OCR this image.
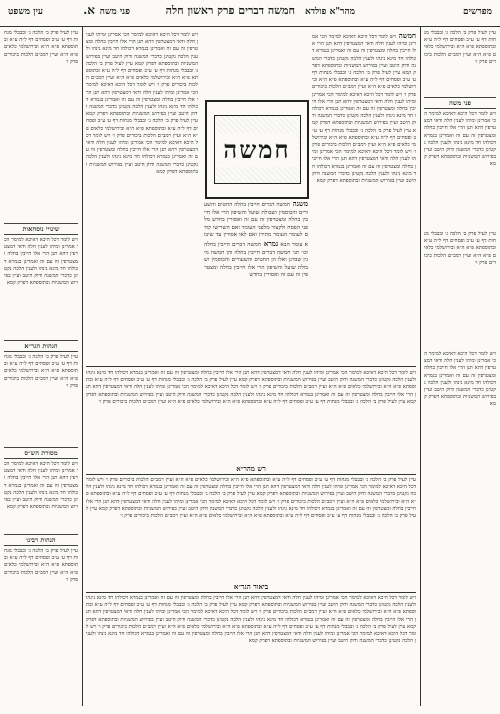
מפרשים
מהר"א פולדא
חמשה דברים פרק ראשון חלה
פני משה
א.
עין משפט
עיין לעיל פרק ב׳ הלכה ג׳ ובבבלי מנחות דף ע׳ ע״ב ופסחים דף ל״ה ע״א ובתוספתא פ״א ה״א ובירושלמי כלאים פ״א ה״א ועיין רמב״ם הלכות ביכורים פרק ו׳
פני משה
ויש לומר דכל היכא דאיכא למימר הכי אמרינן ומיהו לענין חלה ודאי דמצטרפין דהא תנן הרי אלו חייבין בחלה ומצטרפין זה עם זה ואמרינן בגמרא דכולהו חד מינא נינהו ולענין הלכה נקטינן כדברי המשנה ודוק היטב ועיין בפירוש המשניות ובתוספתא דפרק קמא
עיין לעיל פרק ב׳ הלכה ג׳ ובבבלי מנחות דף ע׳ ע״ב ופסחים דף ל״ה ע״א ובתוספתא פ״א ה״א ובירושלמי כלאים פ״א ה״א ועיין רמב״ם הלכות ביכורים פרק ו׳
ויש לומר דכל היכא דאיכא למימר הכי אמרינן ומיהו לענין חלה ודאי דמצטרפין דהא תנן הרי אלו חייבין בחלה ומצטרפין זה עם זה ואמרינן בגמרא דכולהו חד מינא נינהו ולענין הלכה נקטינן כדברי המשנה ודוק היטב ועיין בפירוש המשניות ובתוספתא דפרק קמא
עיין לעיל פרק ב׳ הלכה ג׳ ובבבלי מנחות דף ע׳ ע״ב ופסחים דף ל״ה ע״א ובתוספתא פ״א ה״א ובירושלמי כלאים פ״א ה״א ועיין רמב״ם הלכות ביכורים פרק ו׳
שינויי נוסחאות
ויש לומר דכל היכא דאיכא למימר הכי אמרינן ומיהו לענין חלה ודאי דמצטרפין דהא תנן הרי אלו חייבין בחלה ומצטרפין זה עם זה ואמרינן בגמרא דכולהו חד מינא נינהו ולענין הלכה נקטינן כדברי המשנה ודוק היטב ועיין בפירוש המשניות ובתוספתא דפרק קמא
הגהות הגר״א
עיין לעיל פרק ב׳ הלכה ג׳ ובבבלי מנחות דף ע׳ ע״ב ופסחים דף ל״ה ע״א ובתוספתא פ״א ה״א ובירושלמי כלאים פ״א ה״א ועיין רמב״ם הלכות ביכורים פרק ו׳
מסורת הש״ס
ויש לומר דכל היכא דאיכא למימר הכי אמרינן ומיהו לענין חלה ודאי דמצטרפין דהא תנן הרי אלו חייבין בחלה ומצטרפין זה עם זה ואמרינן בגמרא דכולהו חד מינא נינהו ולענין הלכה נקטינן כדברי המשנה ודוק היטב ועיין בפירוש המשניות ובתוספתא דפרק קמא
הגהות רבינו
עיין לעיל פרק ב׳ הלכה ג׳ ובבבלי מנחות דף ע׳ ע״ב ופסחים דף ל״ה ע״א ובתוספתא פ״א ה״א ובירושלמי כלאים פ״א ה״א ועיין רמב״ם הלכות ביכורים פרק ו׳
חמשה ויש לומר דכל היכא דאיכא למימר הכי אמרינן ומיהו לענין חלה ודאי דמצטרפין דהא תנן הרי אלו חייבין בחלה ומצטרפין זה עם זה ואמרינן בגמרא דכולהו חד מינא נינהו ולענין הלכה נקטינן כדברי המשנה ודוק היטב ועיין בפירוש המשניות ובתוספתא דפרק קמא עיין לעיל פרק ב׳ הלכה ג׳ ובבבלי מנחות דף ע׳ ע״ב ופסחים דף ל״ה ע״א ובתוספתא פ״א ה״א ובירושלמי כלאים פ״א ה״א ועיין רמב״ם הלכות ביכורים פרק ו׳ ויש לומר דכל היכא דאיכא למימר הכי אמרינן ומיהו לענין חלה ודאי דמצטרפין דהא תנן הרי אלו חייבין בחלה ומצטרפין זה עם זה ואמרינן בגמרא דכולהו חד מינא נינהו ולענין הלכה נקטינן כדברי המשנה ודוק היטב ועיין בפירוש המשניות ובתוספתא דפרק קמא עיין לעיל פרק ב׳ הלכה ג׳ ובבבלי מנחות דף ע׳ ע״ב ופסחים דף ל״ה ע״א ובתוספתא פ״א ה״א ובירושלמי כלאים פ״א ה״א ועיין רמב״ם הלכות ביכורים פרק ו׳ ויש לומר דכל היכא דאיכא למימר הכי אמרינן ומיהו לענין חלה ודאי דמצטרפין דהא תנן הרי אלו חייבין בחלה ומצטרפין זה עם זה ואמרינן בגמרא דכולהו חד מינא נינהו ולענין הלכה נקטינן כדברי המשנה ודוק היטב ועיין בפירוש המשניות ובתוספתא דפרק קמא
ויש לומר דכל היכא דאיכא למימר הכי אמרינן ומיהו לענין חלה ודאי דמצטרפין דהא תנן הרי אלו חייבין בחלה ומצטרפין זה עם זה ואמרינן בגמרא דכולהו חד מינא נינהו ולענין הלכה נקטינן כדברי המשנה ודוק היטב ועיין בפירוש המשניות ובתוספתא דפרק קמא עיין לעיל פרק ב׳ הלכה ג׳ ובבבלי מנחות דף ע׳ ע״ב ופסחים דף ל״ה ע״א ובתוספתא פ״א ה״א ובירושלמי כלאים פ״א ה״א ועיין רמב״ם הלכות ביכורים פרק ו׳ ויש לומר דכל היכא דאיכא למימר הכי אמרינן ומיהו לענין חלה ודאי דמצטרפין דהא תנן הרי אלו חייבין בחלה ומצטרפין זה עם זה ואמרינן בגמרא דכולהו חד מינא נינהו ולענין הלכה נקטינן כדברי המשנה ודוק היטב ועיין בפירוש המשניות ובתוספתא דפרק קמא עיין לעיל פרק ב׳ הלכה ג׳ ובבבלי מנחות דף ע׳ ע״ב ופסחים דף ל״ה ע״א ובתוספתא פ״א ה״א ובירושלמי כלאים פ״א ה״א ועיין רמב״ם הלכות ביכורים פרק ו׳ ויש לומר דכל היכא דאיכא למימר הכי אמרינן ומיהו לענין חלה ודאי דמצטרפין דהא תנן הרי אלו חייבין בחלה ומצטרפין זה עם זה ואמרינן בגמרא דכולהו חד מינא נינהו ולענין הלכה נקטינן כדברי המשנה ודוק היטב ועיין בפירוש המשניות ובתוספתא דפרק קמא
חמשה
משנה חמשה דברים חייבין בחלה החטים והשעורים והכוסמין ושבולת שועל והשיפון הרי אלו חייבין בחלה ומצטרפין זה עם זה ואסורין בחדש מלפני הפסח ולקצור מלפני העומר ואם השרישו קודם לעומר העומר מתירן ואם לאו אסורין עד שיבוא עומר הבא גמרא חמשה דברים חייבין בחלה וכו׳ תני חמשה דברים חייבין בחלה והן חמשה מינין שבדגן ואלו הן החטים והשעורים והכוסמין ושבולת שועל והשיפון הרי אלו חייבין בחלה ומצטרפין זה עם זה ואסורין בחדש
ויש לומר דכל היכא דאיכא למימר הכי אמרינן ומיהו לענין חלה ודאי דמצטרפין דהא תנן הרי אלו חייבין בחלה ומצטרפין זה עם זה ואמרינן בגמרא דכולהו חד מינא נינהו ולענין הלכה נקטינן כדברי המשנה ודוק היטב ועיין בפירוש המשניות ובתוספתא דפרק קמא עיין לעיל פרק ב׳ הלכה ג׳ ובבבלי מנחות דף ע׳ ע״ב ופסחים דף ל״ה ע״א ובתוספתא פ״א ה״א ובירושלמי כלאים פ״א ה״א ועיין רמב״ם הלכות ביכורים פרק ו׳ ויש לומר דכל היכא דאיכא למימר הכי אמרינן ומיהו לענין חלה ודאי דמצטרפין דהא תנן הרי אלו חייבין בחלה ומצטרפין זה עם זה ואמרינן בגמרא דכולהו חד מינא נינהו ולענין הלכה נקטינן כדברי המשנה ודוק היטב ועיין בפירוש המשניות ובתוספתא דפרק קמא עיין לעיל פרק ב׳ הלכה ג׳ ובבבלי מנחות דף ע׳ ע״ב ופסחים דף ל״ה ע״א ובתוספתא פ״א ה״א ובירושלמי כלאים פ״א ה״א ועיין רמב״ם הלכות ביכורים פרק ו׳
רש מהר״א
עיין לעיל פרק ב׳ הלכה ג׳ ובבבלי מנחות דף ע׳ ע״ב ופסחים דף ל״ה ע״א ובתוספתא פ״א ה״א ובירושלמי כלאים פ״א ה״א ועיין רמב״ם הלכות ביכורים פרק ו׳ ויש לומר דכל היכא דאיכא למימר הכי אמרינן ומיהו לענין חלה ודאי דמצטרפין דהא תנן הרי אלו חייבין בחלה ומצטרפין זה עם זה ואמרינן בגמרא דכולהו חד מינא נינהו ולענין הלכה נקטינן כדברי המשנה ודוק היטב ועיין בפירוש המשניות ובתוספתא דפרק קמא עיין לעיל פרק ב׳ הלכה ג׳ ובבבלי מנחות דף ע׳ ע״ב ופסחים דף ל״ה ע״א ובתוספתא פ״א ה״א ובירושלמי כלאים פ״א ה״א ועיין רמב״ם הלכות ביכורים פרק ו׳ ויש לומר דכל היכא דאיכא למימר הכי אמרינן ומיהו לענין חלה ודאי דמצטרפין דהא תנן הרי אלו חייבין בחלה ומצטרפין זה עם זה ואמרינן בגמרא דכולהו חד מינא נינהו ולענין הלכה נקטינן כדברי המשנה ודוק היטב ועיין בפירוש המשניות ובתוספתא דפרק קמא עיין לעיל פרק ב׳ הלכה ג׳ ובבבלי מנחות דף ע׳ ע״ב ופסחים דף ל״ה ע״א ובתוספתא פ״א ה״א ובירושלמי כלאים פ״א ה״א ועיין רמב״ם הלכות ביכורים פרק ו׳
ביאור הגר״א
ויש לומר דכל היכא דאיכא למימר הכי אמרינן ומיהו לענין חלה ודאי דמצטרפין דהא תנן הרי אלו חייבין בחלה ומצטרפין זה עם זה ואמרינן בגמרא דכולהו חד מינא נינהו ולענין הלכה נקטינן כדברי המשנה ודוק היטב ועיין בפירוש המשניות ובתוספתא דפרק קמא עיין לעיל פרק ב׳ הלכה ג׳ ובבבלי מנחות דף ע׳ ע״ב ופסחים דף ל״ה ע״א ובתוספתא פ״א ה״א ובירושלמי כלאים פ״א ה״א ועיין רמב״ם הלכות ביכורים פרק ו׳ ויש לומר דכל היכא דאיכא למימר הכי אמרינן ומיהו לענין חלה ודאי דמצטרפין דהא תנן הרי אלו חייבין בחלה ומצטרפין זה עם זה ואמרינן בגמרא דכולהו חד מינא נינהו ולענין הלכה נקטינן כדברי המשנה ודוק היטב ועיין בפירוש המשניות ובתוספתא דפרק קמא עיין לעיל פרק ב׳ הלכה ג׳ ובבבלי מנחות דף ע׳ ע״ב ופסחים דף ל״ה ע״א ובתוספתא פ״א ה״א ובירושלמי כלאים פ״א ה״א ועיין רמב״ם הלכות ביכורים פרק ו׳ ויש לומר דכל היכא דאיכא למימר הכי אמרינן ומיהו לענין חלה ודאי דמצטרפין דהא תנן הרי אלו חייבין בחלה ומצטרפין זה עם זה ואמרינן בגמרא דכולהו חד מינא נינהו ולענין הלכה נקטינן כדברי המשנה ודוק היטב ועיין בפירוש המשניות ובתוספתא דפרק קמא
